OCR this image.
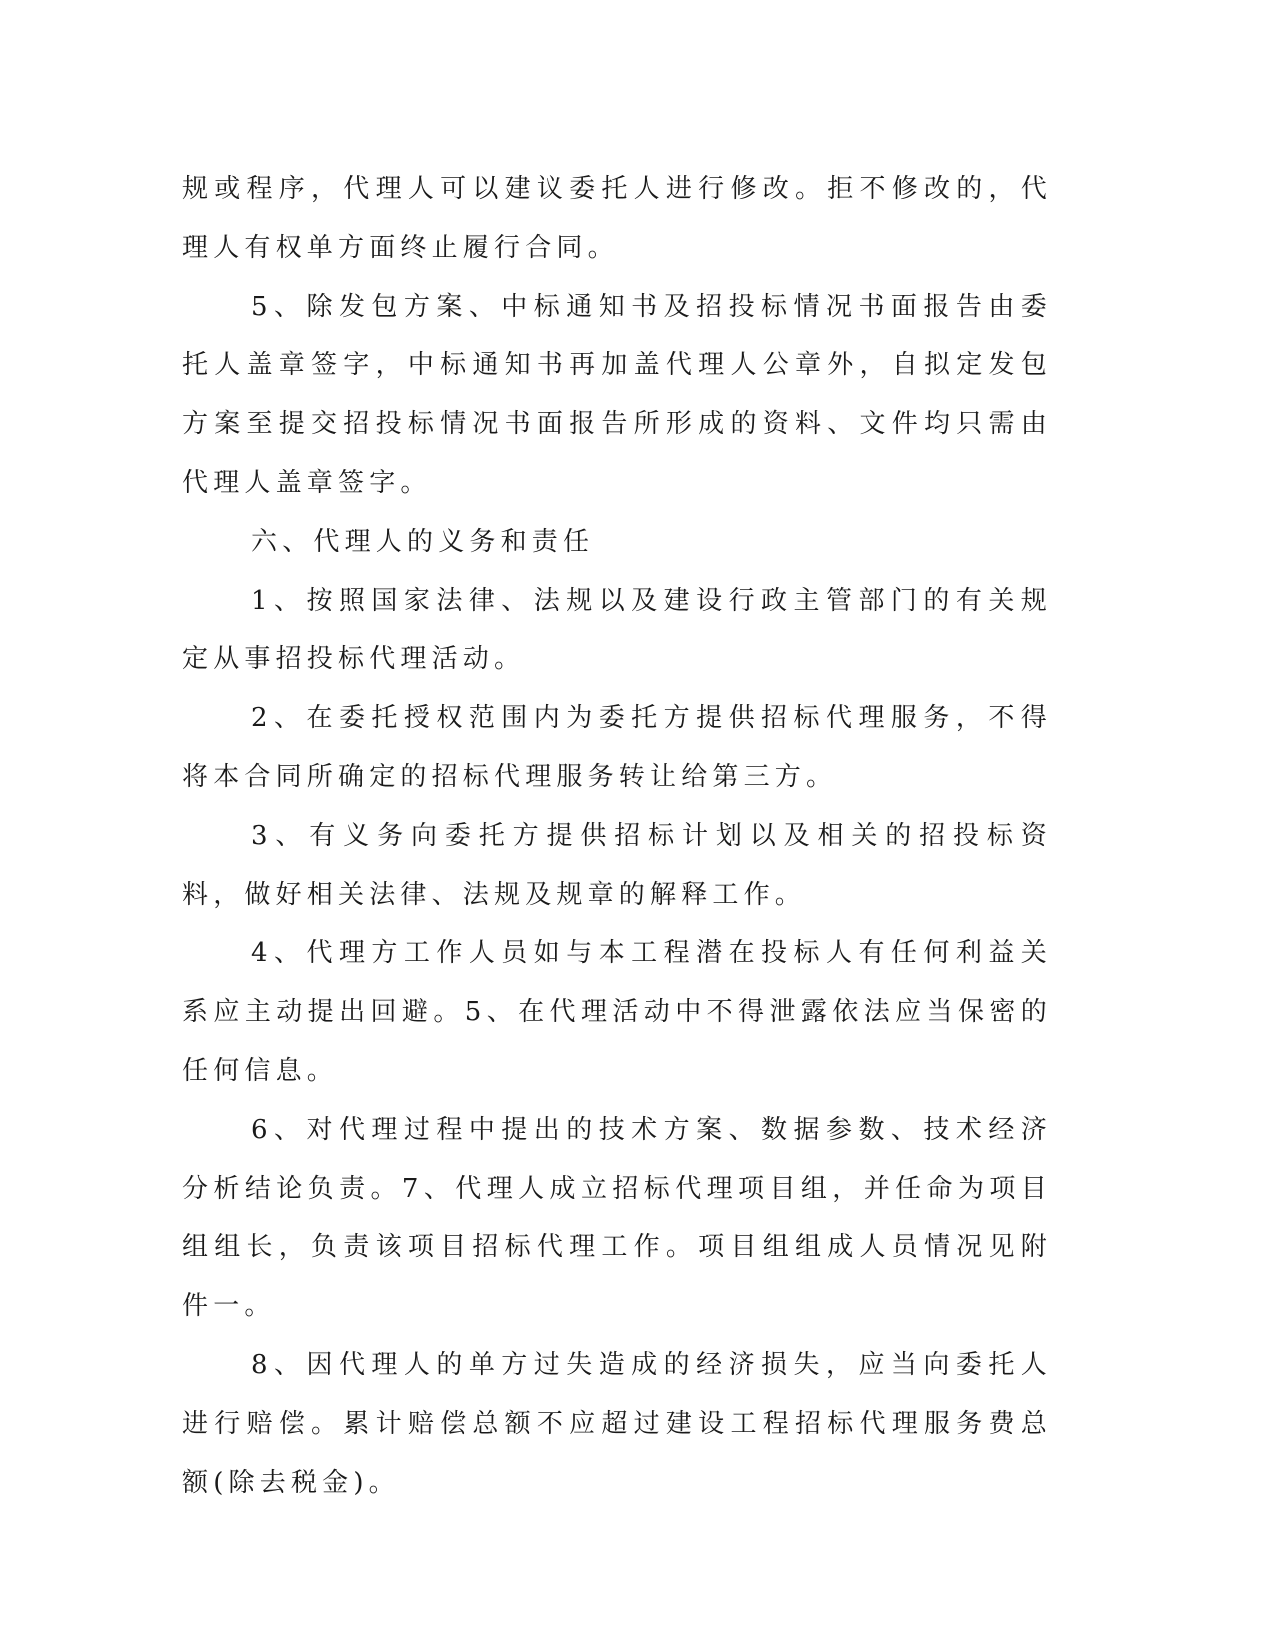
规或程序，代理人可以建议委托人进行修改。拒不修改的，代理人有权单方面终止履行合同。

5、除发包方案、中标通知书及招投标情况书面报告由委托人盖章签字，中标通知书再加盖代理人公章外，自拟定发包方案至提交招投标情况书面报告所形成的资料、文件均只需由代理人盖章签字。

六、代理人的义务和责任

1、按照国家法律、法规以及建设行政主管部门的有关规定从事招投标代理活动。

2、在委托授权范围内为委托方提供招标代理服务，不得将本合同所确定的招标代理服务转让给第三方。

3、有义务向委托方提供招标计划以及相关的招投标资料，做好相关法律、法规及规章的解释工作。

4、代理方工作人员如与本工程潜在投标人有任何利益关系应主动提出回避。5、在代理活动中不得泄露依法应当保密的任何信息。

6、对代理过程中提出的技术方案、数据参数、技术经济分析结论负责。7、代理人成立招标代理项目组，并任命为项目组组长，负责该项目招标代理工作。项目组组成人员情况见附件一。

8、因代理人的单方过失造成的经济损失，应当向委托人进行赔偿。累计赔偿总额不应超过建设工程招标代理服务费总额(除去税金)。
